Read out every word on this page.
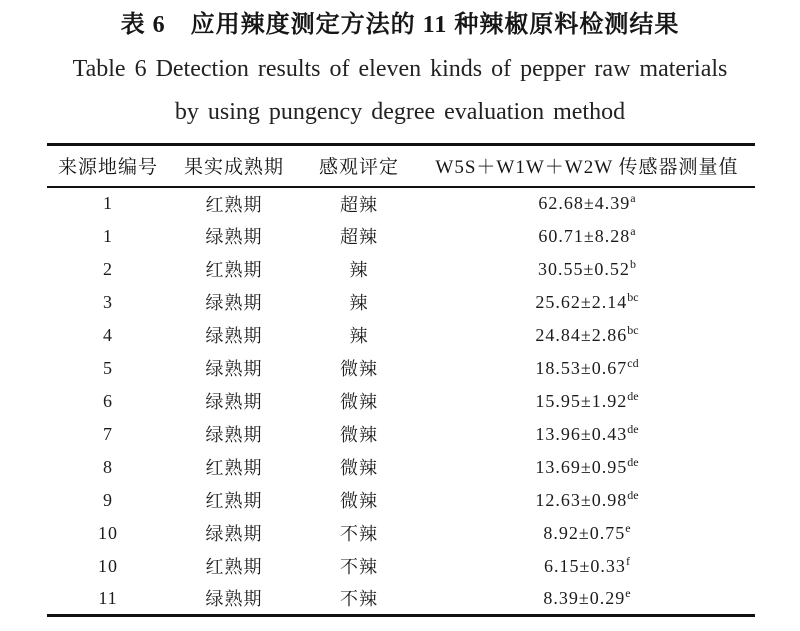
表 6　应用辣度测定方法的 11 种辣椒原料检测结果
Table 6 Detection results of eleven kinds of pepper raw materials
by using pungency degree evaluation method
来源地编号	果实成熟期	感观评定	W5S＋W1W＋W2W 传感器测量值
1	红熟期	超辣	62.68±4.39$^a$
1	绿熟期	超辣	60.71±8.28$^a$
2	红熟期	辣	30.55±0.52$^b$
3	绿熟期	辣	25.62±2.14$^{bc}$
4	绿熟期	辣	24.84±2.86$^{bc}$
5	绿熟期	微辣	18.53±0.67$^{cd}$
6	绿熟期	微辣	15.95±1.92de
7	绿熟期	微辣	13.96±0.43de
8	红熟期	微辣	13.69±0.95de
9	红熟期	微辣	12.63±0.98de
10	绿熟期	不辣	8.92±0.75$^e$
10	红熟期	不辣	6.15±0.33$^f$
11	绿熟期	不辣	8.39±0.29$^e$
